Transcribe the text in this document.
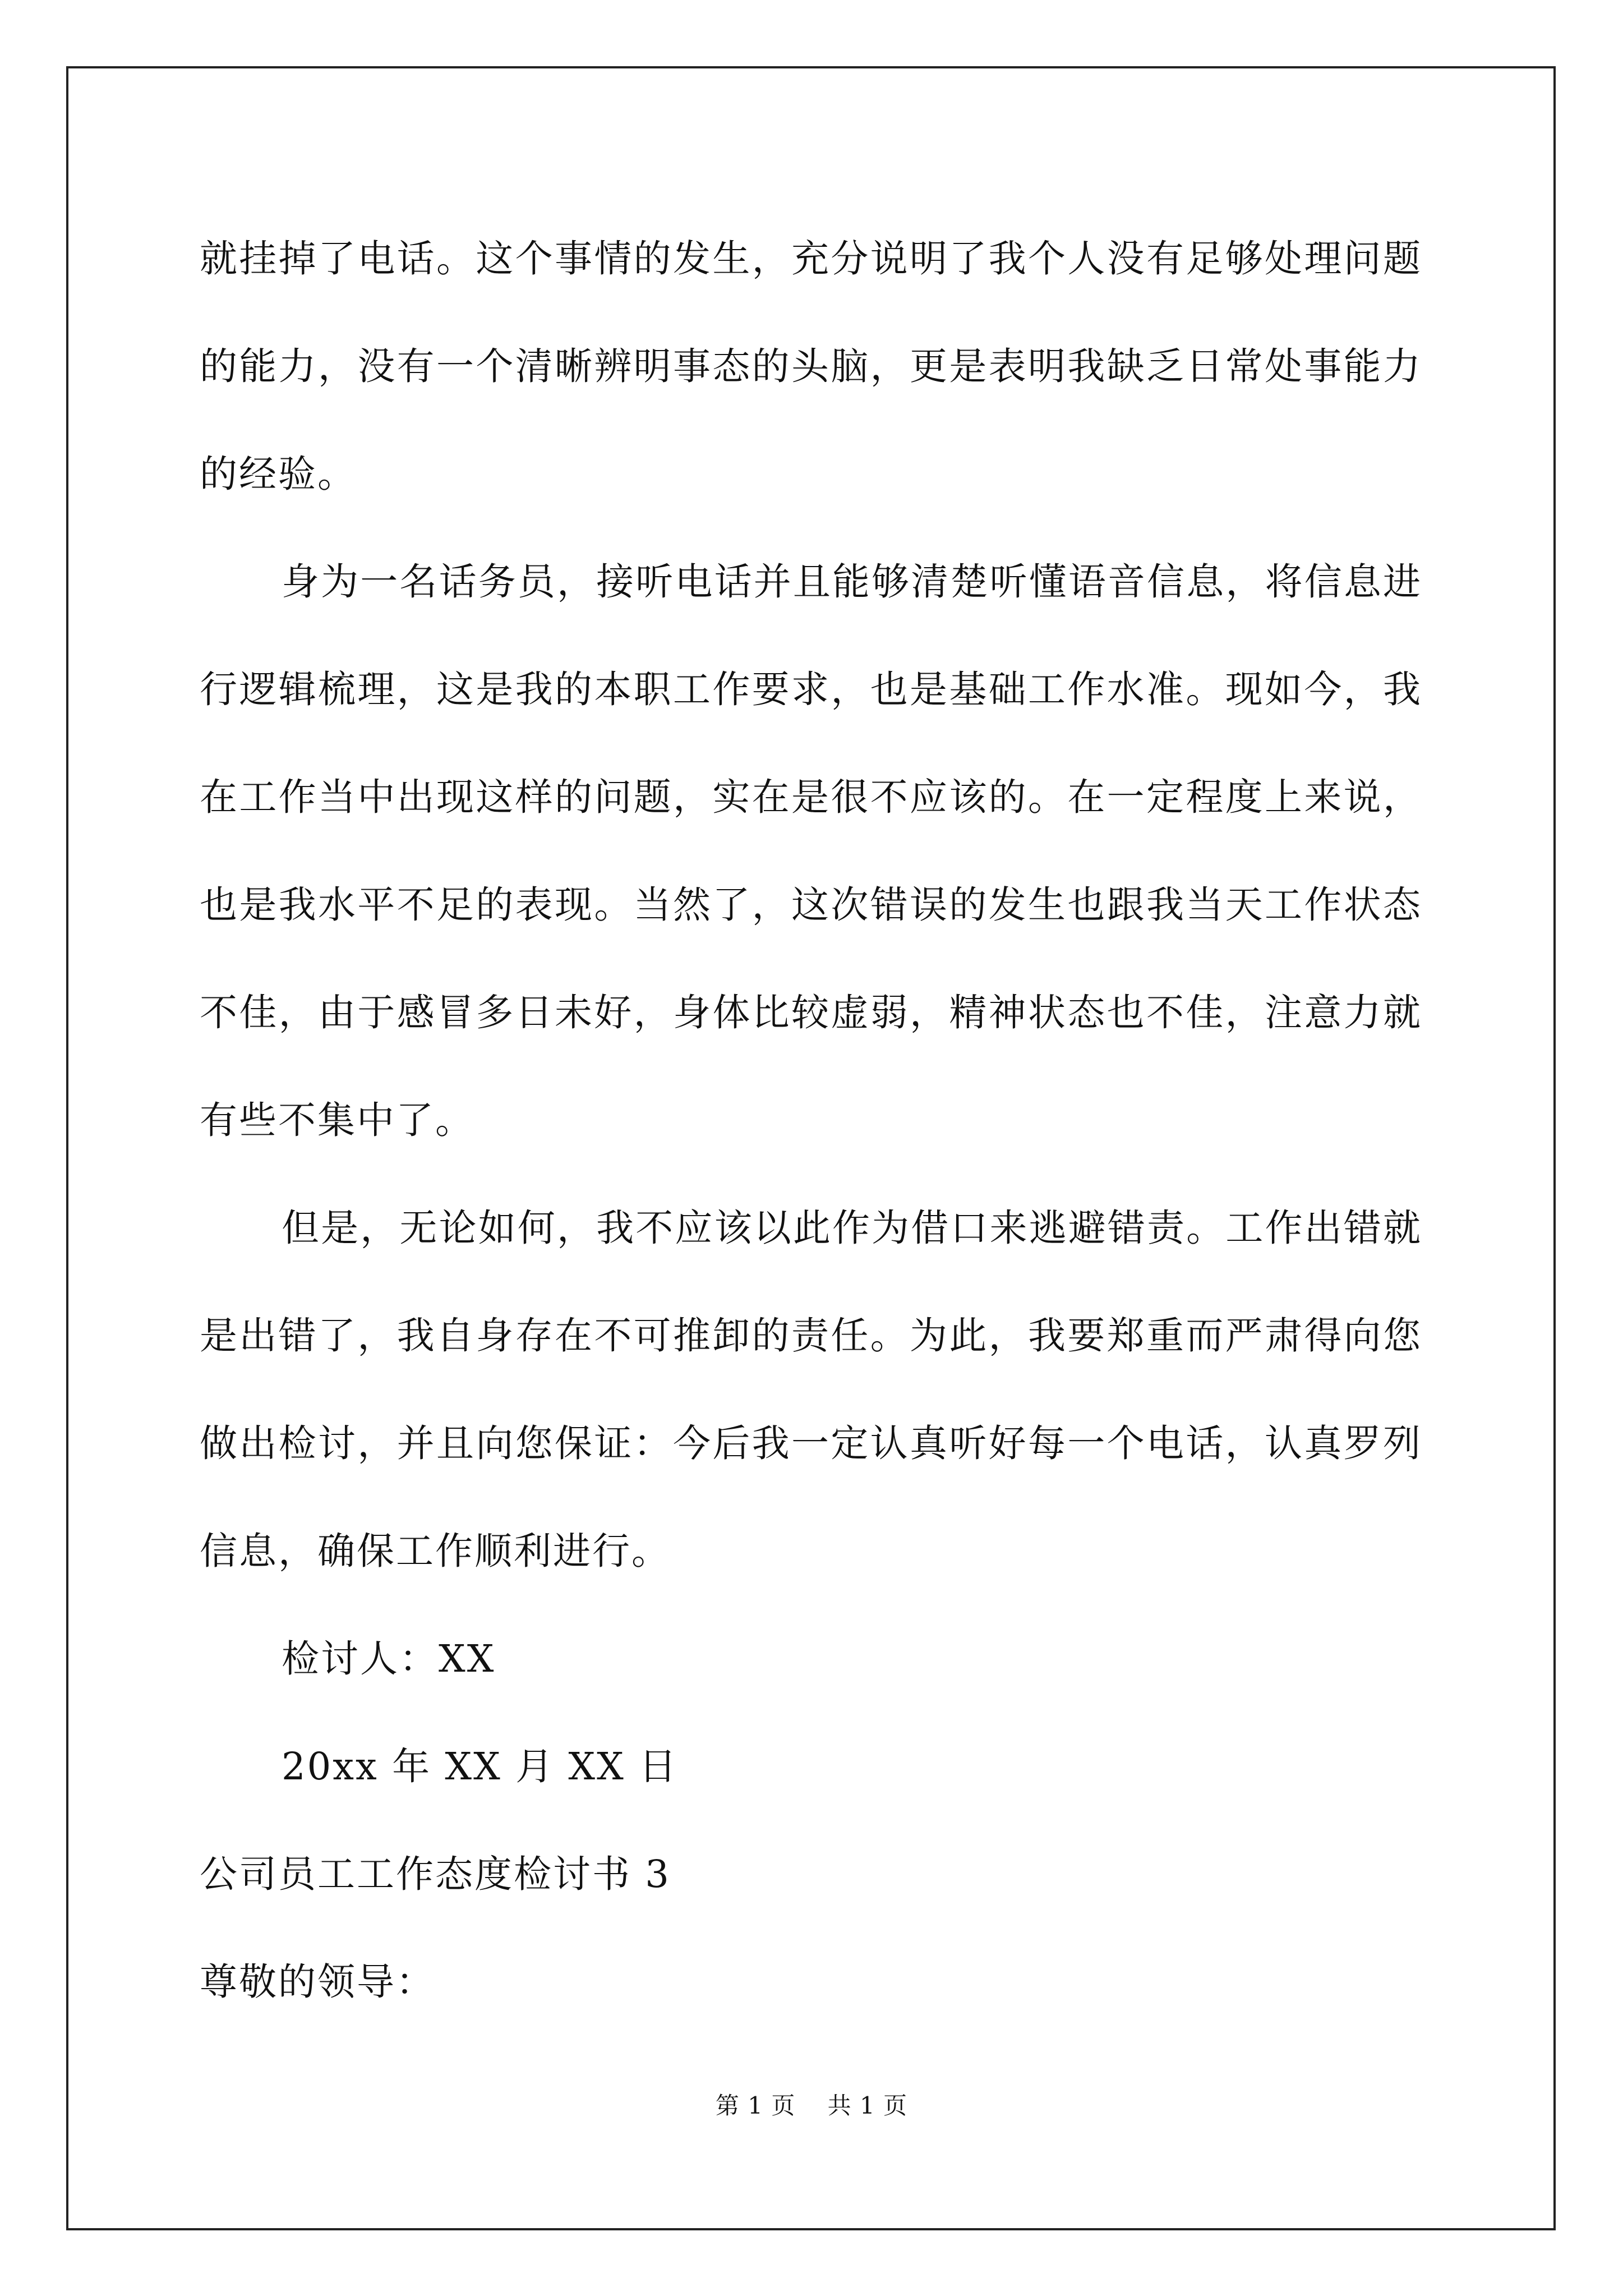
就挂掉了电话。这个事情的发生，充分说明了我个人没有足够处理问题的能力，没有一个清晰辨明事态的头脑，更是表明我缺乏日常处事能力的经验。

身为一名话务员，接听电话并且能够清楚听懂语音信息，将信息进行逻辑梳理，这是我的本职工作要求，也是基础工作水准。现如今，我在工作当中出现这样的问题，实在是很不应该的。在一定程度上来说，也是我水平不足的表现。当然了，这次错误的发生也跟我当天工作状态不佳，由于感冒多日未好，身体比较虚弱，精神状态也不佳，注意力就有些不集中了。

但是，无论如何，我不应该以此作为借口来逃避错责。工作出错就是出错了，我自身存在不可推卸的责任。为此，我要郑重而严肃得向您做出检讨，并且向您保证：今后我一定认真听好每一个电话，认真罗列信息，确保工作顺利进行。

检讨人：XX

20xx 年 XX 月 XX 日

公司员工工作态度检讨书 3

尊敬的领导：

第 1 页　 共 1 页
